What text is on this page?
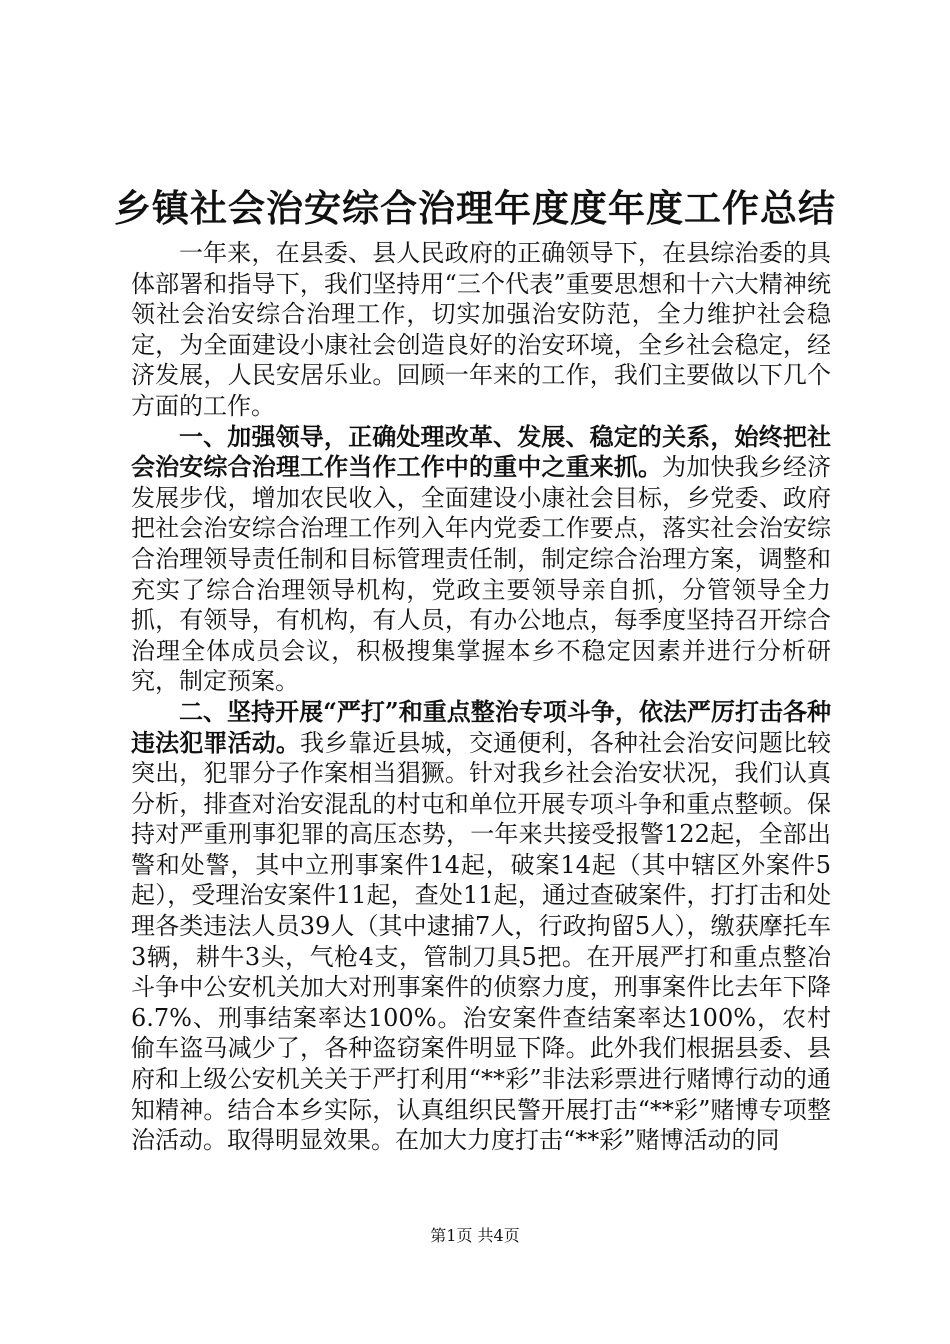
乡镇社会治安综合治理年度度年度工作总结

一年来，在县委、县人民政府的正确领导下，在县综治委的具体部署和指导下，我们坚持用“三个代表”重要思想和十六大精神统领社会治安综合治理工作，切实加强治安防范，全力维护社会稳定，为全面建设小康社会创造良好的治安环境，全乡社会稳定，经济发展，人民安居乐业。回顾一年来的工作，我们主要做以下几个方面的工作。

一、加强领导，正确处理改革、发展、稳定的关系，始终把社会治安综合治理工作当作工作中的重中之重来抓。为加快我乡经济发展步伐，增加农民收入，全面建设小康社会目标，乡党委、政府把社会治安综合治理工作列入年内党委工作要点，落实社会治安综合治理领导责任制和目标管理责任制，制定综合治理方案，调整和充实了综合治理领导机构，党政主要领导亲自抓，分管领导全力抓，有领导，有机构，有人员，有办公地点，每季度坚持召开综合治理全体成员会议，积极搜集掌握本乡不稳定因素并进行分析研究，制定预案。

二、坚持开展“严打”和重点整治专项斗争，依法严厉打击各种违法犯罪活动。我乡靠近县城，交通便利，各种社会治安问题比较突出，犯罪分子作案相当猖獗。针对我乡社会治安状况，我们认真分析，排查对治安混乱的村屯和单位开展专项斗争和重点整顿。保持对严重刑事犯罪的高压态势，一年来共接受报警122起，全部出警和处警，其中立刑事案件14起，破案14起（其中辖区外案件5起），受理治安案件11起，查处11起，通过查破案件，打打击和处理各类违法人员39人（其中逮捕7人，行政拘留5人），缴获摩托车3辆，耕牛3头，气枪4支，管制刀具5把。在开展严打和重点整冶斗争中公安机关加大对刑事案件的侦察力度，刑事案件比去年下降6.7%、刑事结案率达100%。治安案件查结案率达100%，农村偷车盗马减少了，各种盗窃案件明显下降。此外我们根据县委、县府和上级公安机关关于严打利用“**彩”非法彩票进行赌博行动的通知精神。结合本乡实际，认真组织民警开展打击“**彩”赌博专项整治活动。取得明显效果。在加大力度打击“**彩”赌博活动的同

第1页 共4页
